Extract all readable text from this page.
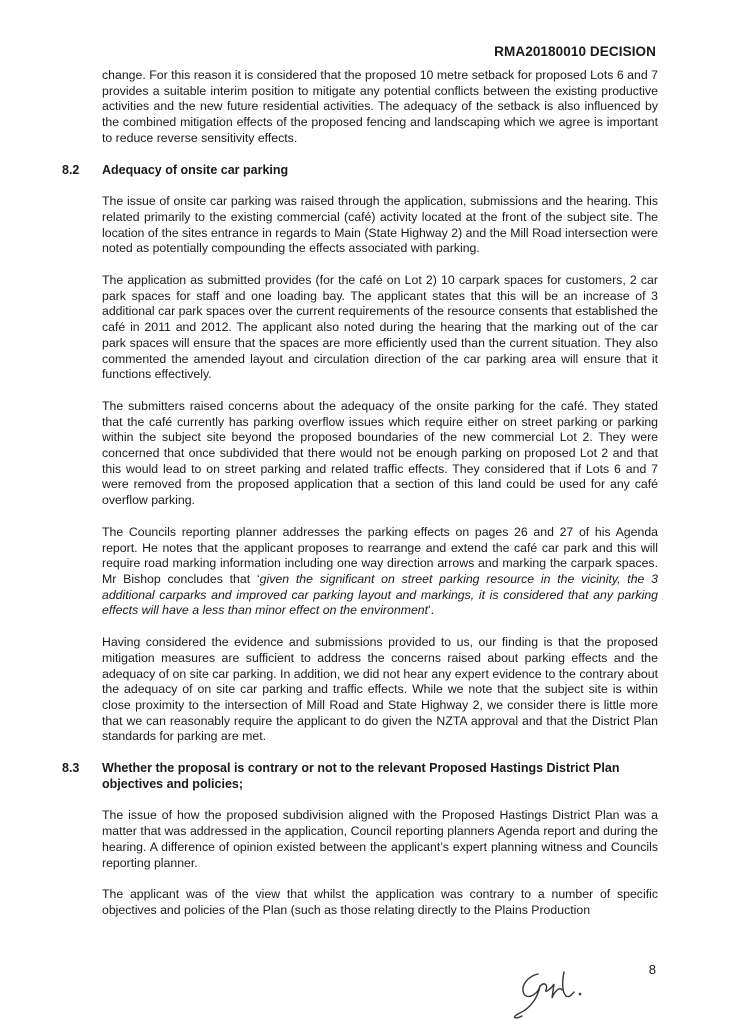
RMA20180010 DECISION

change. For this reason it is considered that the proposed 10 metre setback for proposed Lots 6 and 7 provides a suitable interim position to mitigate any potential conflicts between the existing productive activities and the new future residential activities. The adequacy of the setback is also influenced by the combined mitigation effects of the proposed fencing and landscaping which we agree is important to reduce reverse sensitivity effects.

8.2	Adequacy of onsite car parking

The issue of onsite car parking was raised through the application, submissions and the hearing. This related primarily to the existing commercial (café) activity located at the front of the subject site. The location of the sites entrance in regards to Main (State Highway 2) and the Mill Road intersection were noted as potentially compounding the effects associated with parking.

The application as submitted provides (for the café on Lot 2) 10 carpark spaces for customers, 2 car park spaces for staff and one loading bay. The applicant states that this will be an increase of 3 additional car park spaces over the current requirements of the resource consents that established the café in 2011 and 2012. The applicant also noted during the hearing that the marking out of the car park spaces will ensure that the spaces are more efficiently used than the current situation. They also commented the amended layout and circulation direction of the car parking area will ensure that it functions effectively.

The submitters raised concerns about the adequacy of the onsite parking for the café. They stated that the café currently has parking overflow issues which require either on street parking or parking within the subject site beyond the proposed boundaries of the new commercial Lot 2. They were concerned that once subdivided that there would not be enough parking on proposed Lot 2 and that this would lead to on street parking and related traffic effects. They considered that if Lots 6 and 7 were removed from the proposed application that a section of this land could be used for any café overflow parking.

The Councils reporting planner addresses the parking effects on pages 26 and 27 of his Agenda report. He notes that the applicant proposes to rearrange and extend the café car park and this will require road marking information including one way direction arrows and marking the carpark spaces. Mr Bishop concludes that ‘given the significant on street parking resource in the vicinity, the 3 additional carparks and improved car parking layout and markings, it is considered that any parking effects will have a less than minor effect on the environment’.

Having considered the evidence and submissions provided to us, our finding is that the proposed mitigation measures are sufficient to address the concerns raised about parking effects and the adequacy of on site car parking. In addition, we did not hear any expert evidence to the contrary about the adequacy of on site car parking and traffic effects. While we note that the subject site is within close proximity to the intersection of Mill Road and State Highway 2, we consider there is little more that we can reasonably require the applicant to do given the NZTA approval and that the District Plan standards for parking are met.

8.3	Whether the proposal is contrary or not to the relevant Proposed Hastings District Plan objectives and policies;

The issue of how the proposed subdivision aligned with the Proposed Hastings District Plan was a matter that was addressed in the application, Council reporting planners Agenda report and during the hearing. A difference of opinion existed between the applicant’s expert planning witness and Councils reporting planner.

The applicant was of the view that whilst the application was contrary to a number of specific objectives and policies of the Plan (such as those relating directly to the Plains Production

8
